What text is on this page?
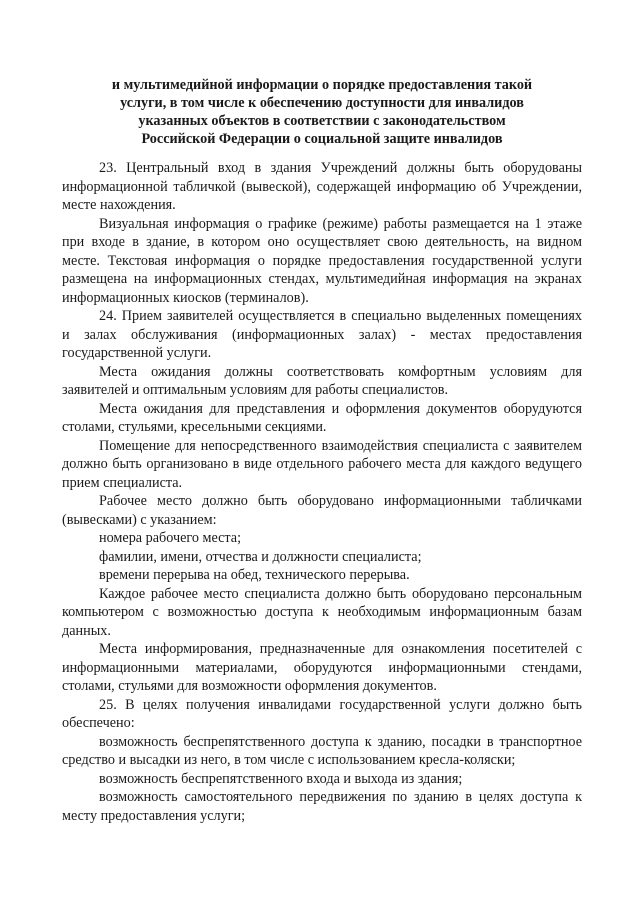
и мультимедийной информации о порядке предоставления такой
услуги, в том числе к обеспечению доступности для инвалидов
указанных объектов в соответствии с законодательством
Российской Федерации о социальной защите инвалидов

23. Центральный вход в здания Учреждений должны быть оборудованы информационной табличкой (вывеской), содержащей информацию об Учреждении, месте нахождения.

Визуальная информация о графике (режиме) работы размещается на 1 этаже при входе в здание, в котором оно осуществляет свою деятельность, на видном месте. Текстовая информация о порядке предоставления государственной услуги размещена на информационных стендах, мультимедийная информация на экранах информационных киосков (терминалов).

24. Прием заявителей осуществляется в специально выделенных помещениях и залах обслуживания (информационных залах) - местах предоставления государственной услуги.

Места ожидания должны соответствовать комфортным условиям для заявителей и оптимальным условиям для работы специалистов.

Места ожидания для представления и оформления документов оборудуются столами, стульями, кресельными секциями.

Помещение для непосредственного взаимодействия специалиста с заявителем должно быть организовано в виде отдельного рабочего места для каждого ведущего прием специалиста.

Рабочее место должно быть оборудовано информационными табличками (вывесками) с указанием:

номера рабочего места;

фамилии, имени, отчества и должности специалиста;

времени перерыва на обед, технического перерыва.

Каждое рабочее место специалиста должно быть оборудовано персональным компьютером с возможностью доступа к необходимым информационным базам данных.

Места информирования, предназначенные для ознакомления посетителей с информационными материалами, оборудуются информационными стендами, столами, стульями для возможности оформления документов.

25. В целях получения инвалидами государственной услуги должно быть обеспечено:

возможность беспрепятственного доступа к зданию, посадки в транспортное средство и высадки из него, в том числе с использованием кресла-коляски;

возможность беспрепятственного входа и выхода из здания;

возможность самостоятельного передвижения по зданию в целях доступа к месту предоставления услуги;
